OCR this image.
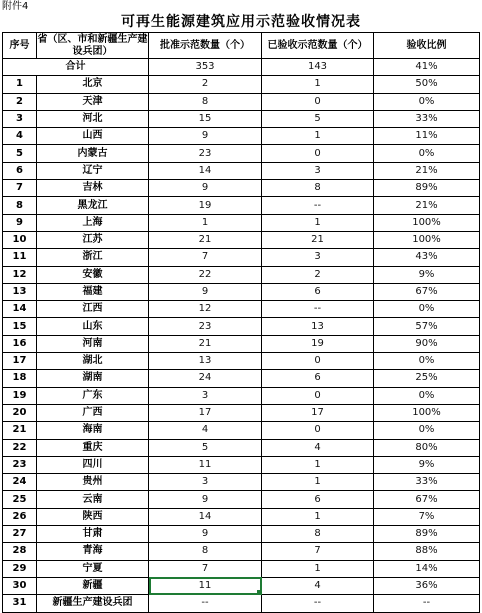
附件4
可再生能源建筑应用示范验收情况表
序号	省（区、市和新疆生产建设兵团）	批准示范数量（个）	已验收示范数量（个）	验收比例
合计		353	143	41%
1	北京	2	1	50%
2	天津	8	0	0%
3	河北	15	5	33%
4	山西	9	1	11%
5	内蒙古	23	0	0%
6	辽宁	14	3	21%
7	吉林	9	8	89%
8	黑龙江	19	--	21%
9	上海	1	1	100%
10	江苏	21	21	100%
11	浙江	7	3	43%
12	安徽	22	2	9%
13	福建	9	6	67%
14	江西	12	--	0%
15	山东	23	13	57%
16	河南	21	19	90%
17	湖北	13	0	0%
18	湖南	24	6	25%
19	广东	3	0	0%
20	广西	17	17	100%
21	海南	4	0	0%
22	重庆	5	4	80%
23	四川	11	1	9%
24	贵州	3	1	33%
25	云南	9	6	67%
26	陕西	14	1	7%
27	甘肃	9	8	89%
28	青海	8	7	88%
29	宁夏	7	1	14%
30	新疆	11	4	36%
31	新疆生产建设兵团	--	--	--
